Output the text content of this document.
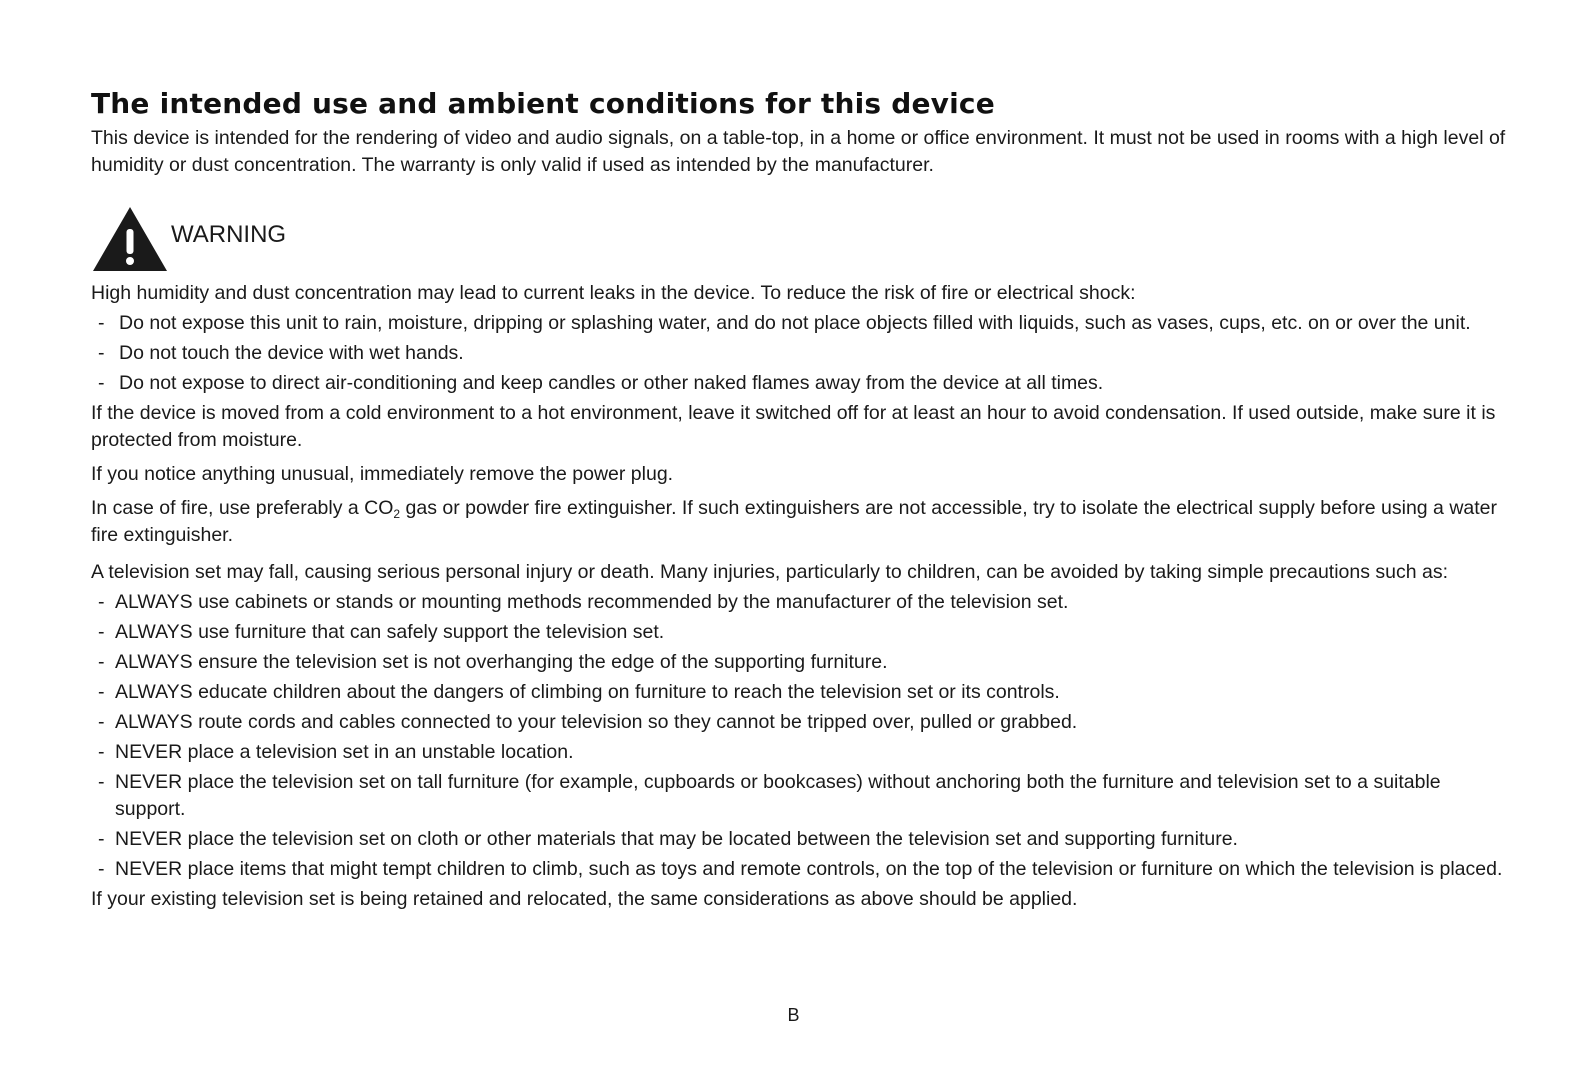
The intended use and ambient conditions for this device

This device is intended for the rendering of video and audio signals, on a table-top, in a home or office environment. It must not be used in rooms with a high level of humidity or dust concentration. The warranty is only valid if used as intended by the manufacturer.

WARNING

High humidity and dust concentration may lead to current leaks in the device. To reduce the risk of fire or electrical shock:

- Do not expose this unit to rain, moisture, dripping or splashing water, and do not place objects filled with liquids, such as vases, cups, etc. on or over the unit.
- Do not touch the device with wet hands.
- Do not expose to direct air-conditioning and keep candles or other naked flames away from the device at all times.

If the device is moved from a cold environment to a hot environment, leave it switched off for at least an hour to avoid condensation. If used outside, make sure it is protected from moisture.

If you notice anything unusual, immediately remove the power plug.

In case of fire, use preferably a $CO_2$ gas or powder fire extinguisher. If such extinguishers are not accessible, try to isolate the electrical supply before using a water fire extinguisher.

A television set may fall, causing serious personal injury or death. Many injuries, particularly to children, can be avoided by taking simple precautions such as:

- ALWAYS use cabinets or stands or mounting methods recommended by the manufacturer of the television set.
- ALWAYS use furniture that can safely support the television set.
- ALWAYS ensure the television set is not overhanging the edge of the supporting furniture.
- ALWAYS educate children about the dangers of climbing on furniture to reach the television set or its controls.
- ALWAYS route cords and cables connected to your television so they cannot be tripped over, pulled or grabbed.
- NEVER place a television set in an unstable location.
- NEVER place the television set on tall furniture (for example, cupboards or bookcases) without anchoring both the furniture and television set to a suitable support.
- NEVER place the television set on cloth or other materials that may be located between the television set and supporting furniture.
- NEVER place items that might tempt children to climb, such as toys and remote controls, on the top of the television or furniture on which the television is placed.

If your existing television set is being retained and relocated, the same considerations as above should be applied.

B
